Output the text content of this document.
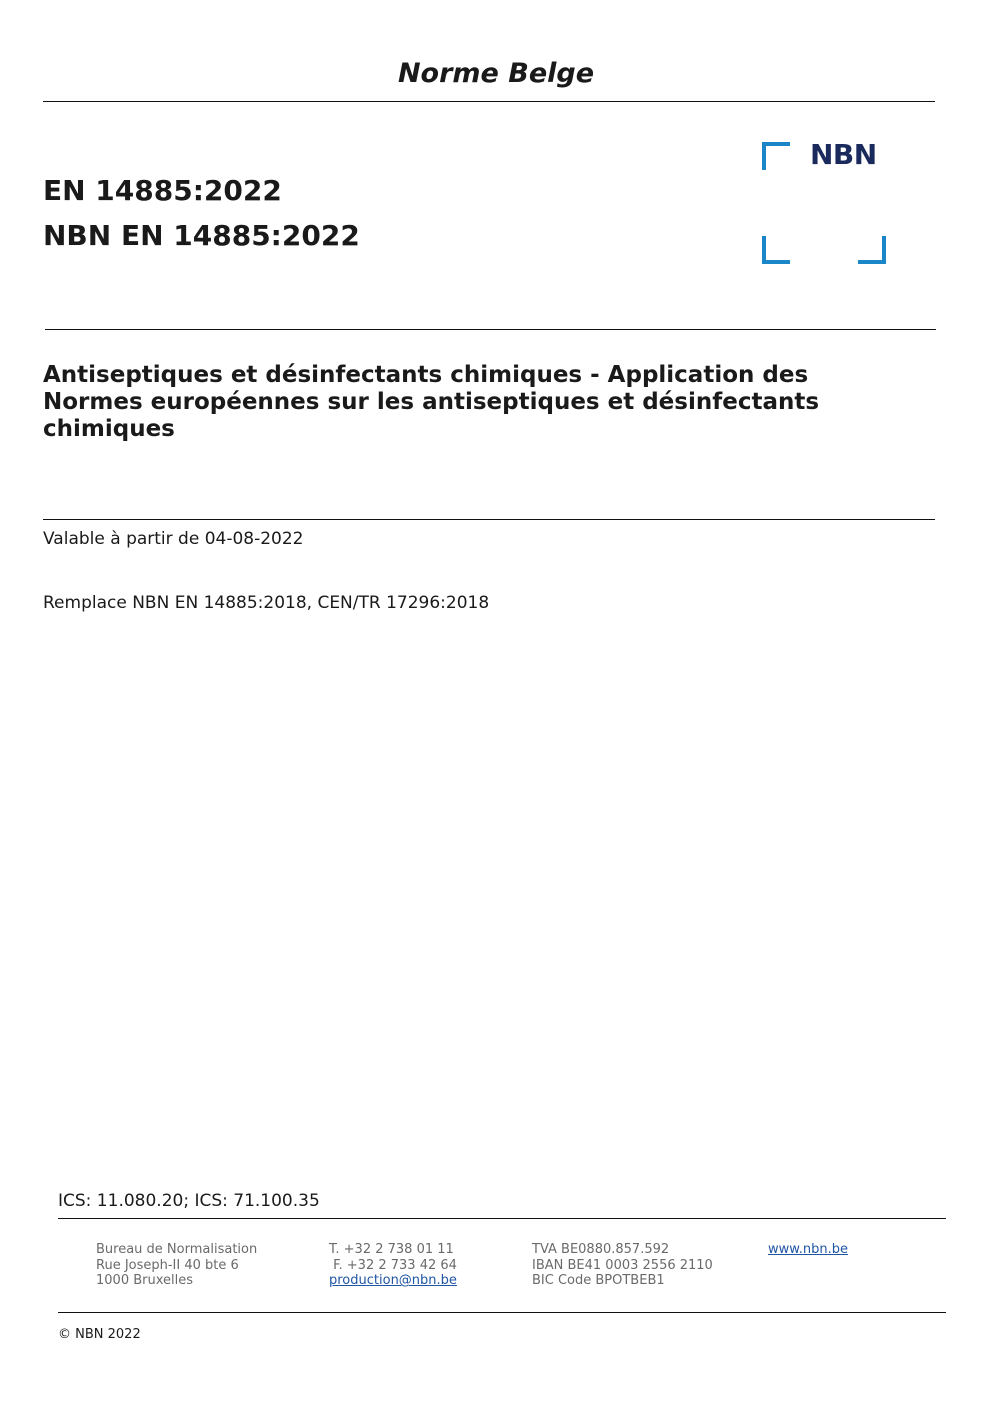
Norme Belge
EN 14885:2022
NBN EN 14885:2022
NBN
Antiseptiques et désinfectants chimiques - Application des Normes européennes sur les antiseptiques et désinfectants chimiques
Valable à partir de 04-08-2022
Remplace NBN EN 14885:2018, CEN/TR 17296:2018
ICS: 11.080.20; ICS: 71.100.35
Bureau de Normalisation
Rue Joseph-II 40 bte 6
1000 Bruxelles
T. +32 2 738 01 11
F. +32 2 733 42 64
production@nbn.be
TVA BE0880.857.592
IBAN BE41 0003 2556 2110
BIC Code BPOTBEB1
www.nbn.be
© NBN 2022
